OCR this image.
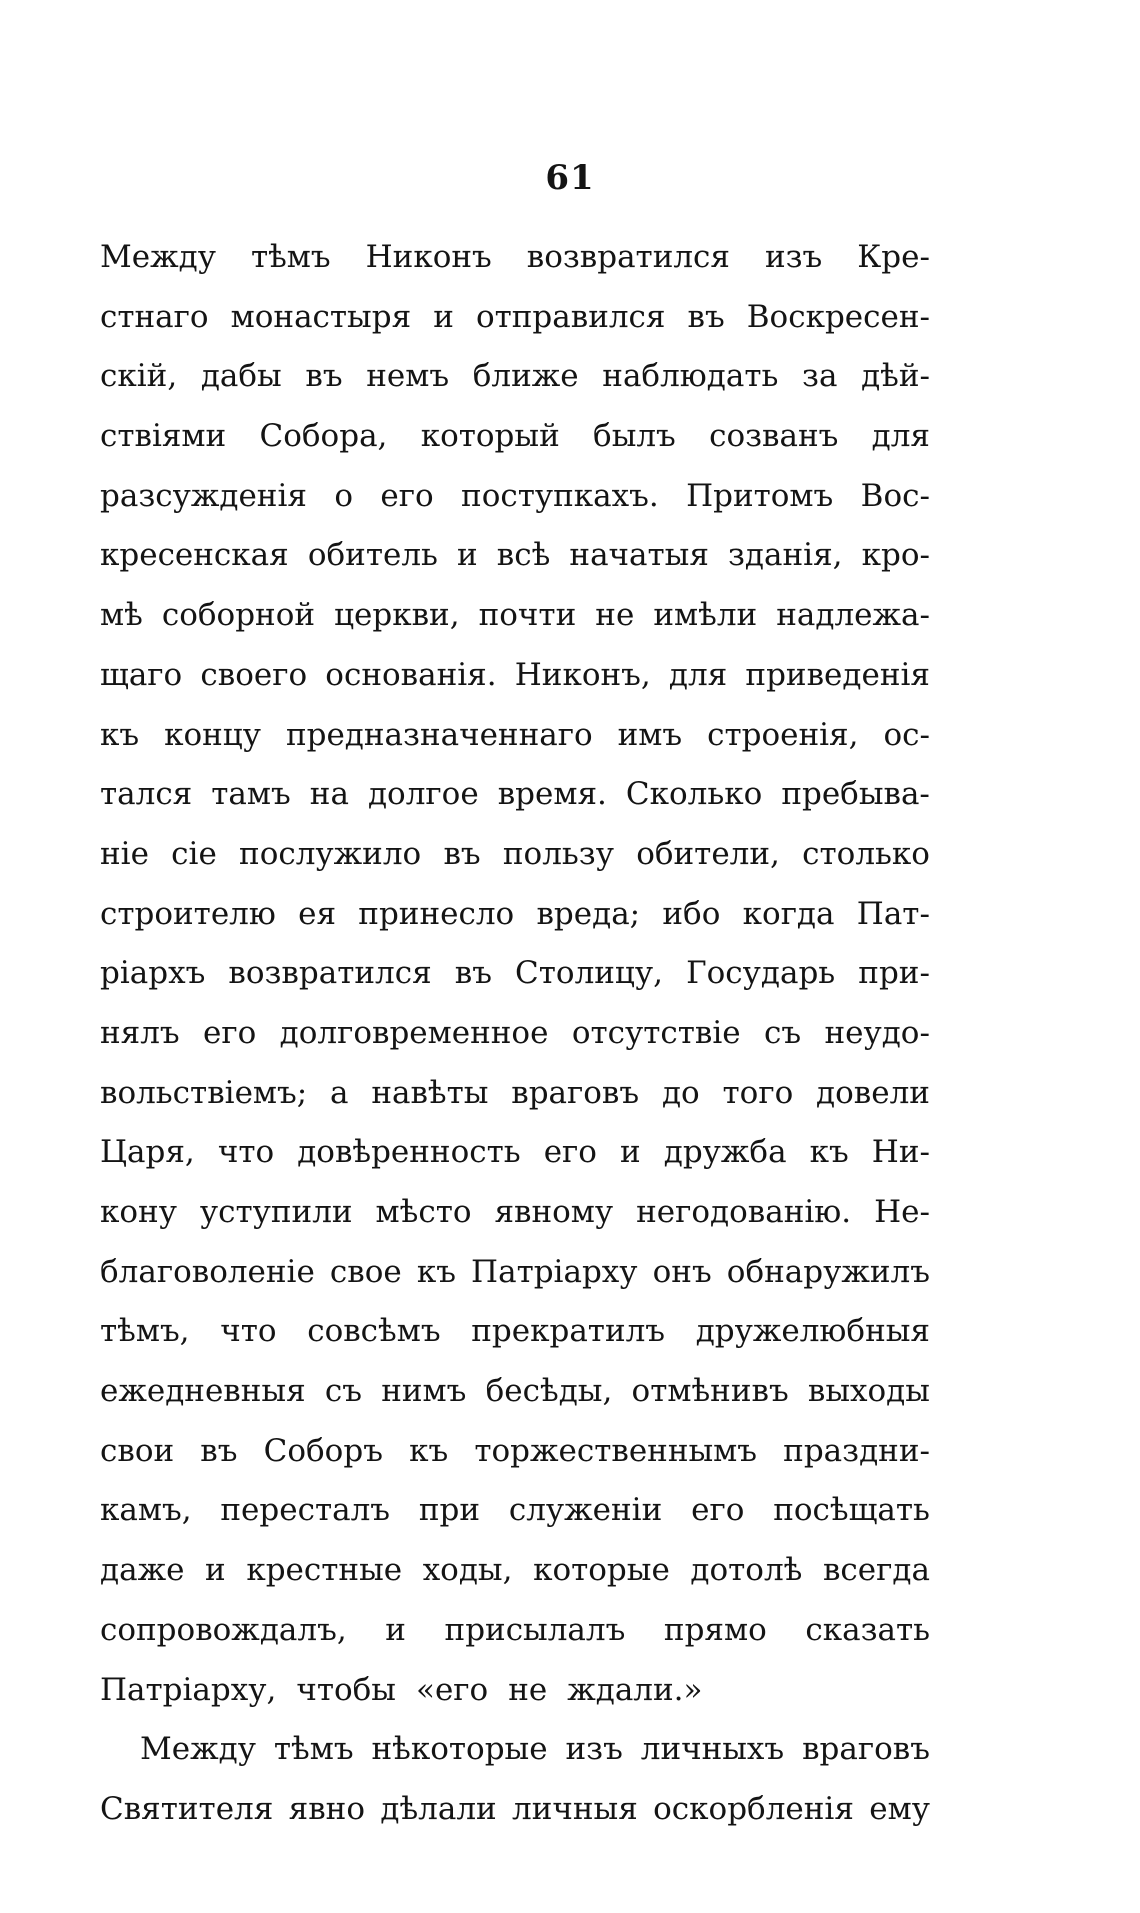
61
Между тѣмъ Никонъ возвратился изъ Кре-
стнаго монастыря и отправился въ Воскресен-
скій, дабы въ немъ ближе наблюдать за дѣй-
ствіями Собора, который былъ созванъ для
разсужденія о его поступкахъ. Притомъ Вос-
кресенская обитель и всѣ начатыя зданія, кро-
мѣ соборной церкви, почти не имѣли надлежа-
щаго своего основанія. Никонъ, для приведенія
къ концу предназначеннаго имъ строенія, ос-
тался тамъ на долгое время. Сколько пребыва-
ніе сіе послужило въ пользу обители, столько
строителю ея принесло вреда; ибо когда Пат-
ріархъ возвратился въ Столицу, Государь при-
нялъ его долговременное отсутствіе съ неудо-
вольствіемъ; а навѣты враговъ до того довели
Царя, что довѣренность его и дружба къ Ни-
кону уступили мѣсто явному негодованію. Не-
благоволеніе свое къ Патріарху онъ обнаружилъ
тѣмъ, что совсѣмъ прекратилъ дружелюбныя
ежедневныя съ нимъ бесѣды, отмѣнивъ выходы
свои въ Соборъ къ торжественнымъ праздни-
камъ, перестaлъ при служеніи его посѣщать
даже и крестные ходы, которые дотолѣ всегда
сопровождалъ, и присылалъ прямо сказать
Патріарху, чтобы «его не ждали.»
Между тѣмъ нѣкоторые изъ личныхъ враговъ
Святителя явно дѣлали личныя оскорбленія ему
